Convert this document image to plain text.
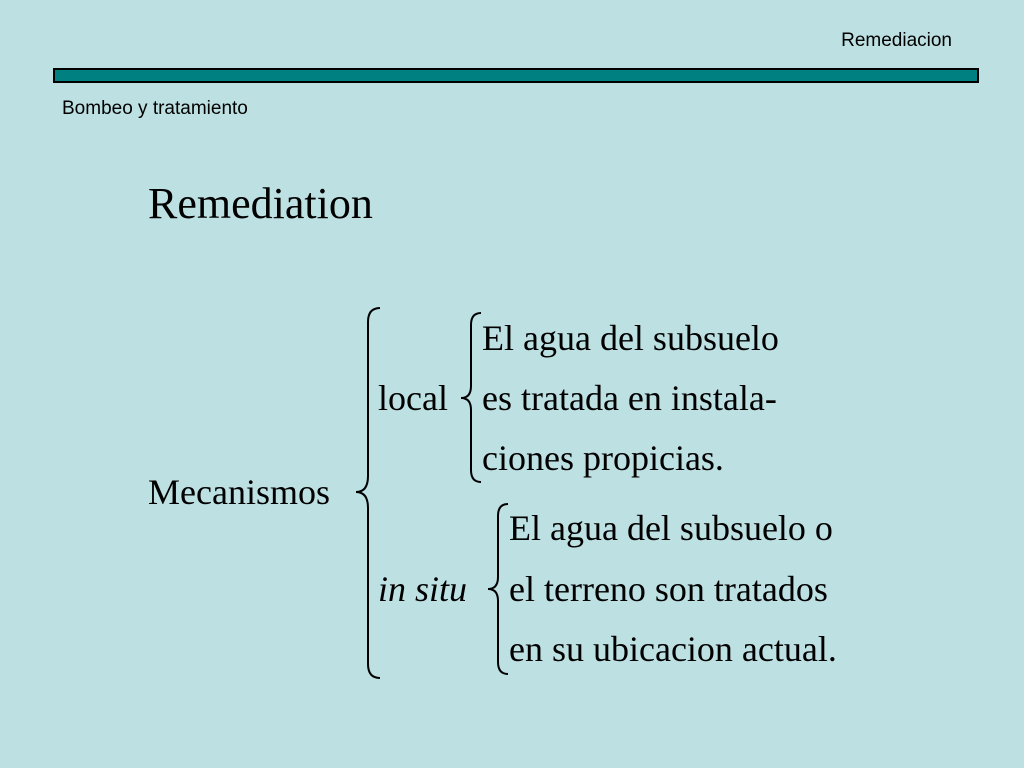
Remediacion
Bombeo y tratamiento
Remediation
Mecanismos
local
El agua del subsuelo
es tratada en instala-
ciones propicias.
in situ
El agua del subsuelo o
el terreno son tratados
en su ubicacion actual.
